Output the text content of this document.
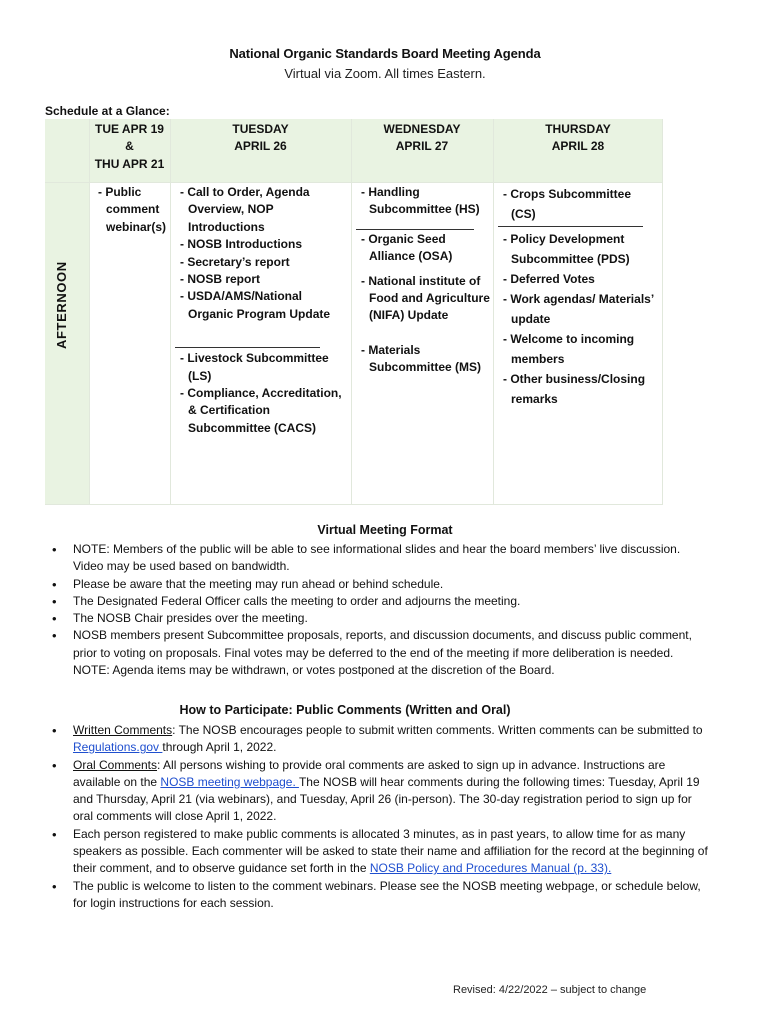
National Organic Standards Board Meeting Agenda
Virtual via Zoom. All times Eastern.
Schedule at a Glance:
AFTERNOON
TUE APR 19
&
THU APR 21
TUESDAY
APRIL 26
WEDNESDAY
APRIL 27
THURSDAY
APRIL 28
- Public comment webinar(s)
- Call to Order, Agenda Overview, NOP Introductions
- NOSB Introductions
- Secretary’s report
- NOSB report
- USDA/AMS/National Organic Program Update
- Livestock Subcommittee (LS)
- Compliance, Accreditation, & Certification Subcommittee (CACS)
- Handling Subcommittee (HS)
- Organic Seed Alliance (OSA)
- National institute of Food and Agriculture (NIFA) Update
- Materials Subcommittee (MS)
- Crops Subcommittee (CS)
- Policy Development Subcommittee (PDS)
- Deferred Votes
- Work agendas/ Materials’ update
- Welcome to incoming members
- Other business/Closing remarks
Virtual Meeting Format
• NOTE: Members of the public will be able to see informational slides and hear the board members’ live discussion. Video may be used based on bandwidth.
• Please be aware that the meeting may run ahead or behind schedule.
• The Designated Federal Officer calls the meeting to order and adjourns the meeting.
• The NOSB Chair presides over the meeting.
• NOSB members present Subcommittee proposals, reports, and discussion documents, and discuss public comment, prior to voting on proposals. Final votes may be deferred to the end of the meeting if more deliberation is needed. NOTE: Agenda items may be withdrawn, or votes postponed at the discretion of the Board.
How to Participate: Public Comments (Written and Oral)
• Written Comments: The NOSB encourages people to submit written comments. Written comments can be submitted to Regulations.gov through April 1, 2022.
• Oral Comments: All persons wishing to provide oral comments are asked to sign up in advance. Instructions are available on the NOSB meeting webpage. The NOSB will hear comments during the following times: Tuesday, April 19 and Thursday, April 21 (via webinars), and Tuesday, April 26 (in-person). The 30-day registration period to sign up for oral comments will close April 1, 2022.
• Each person registered to make public comments is allocated 3 minutes, as in past years, to allow time for as many speakers as possible. Each commenter will be asked to state their name and affiliation for the record at the beginning of their comment, and to observe guidance set forth in the NOSB Policy and Procedures Manual (p. 33).
• The public is welcome to listen to the comment webinars. Please see the NOSB meeting webpage, or schedule below, for login instructions for each session.
Revised: 4/22/2022 – subject to change
